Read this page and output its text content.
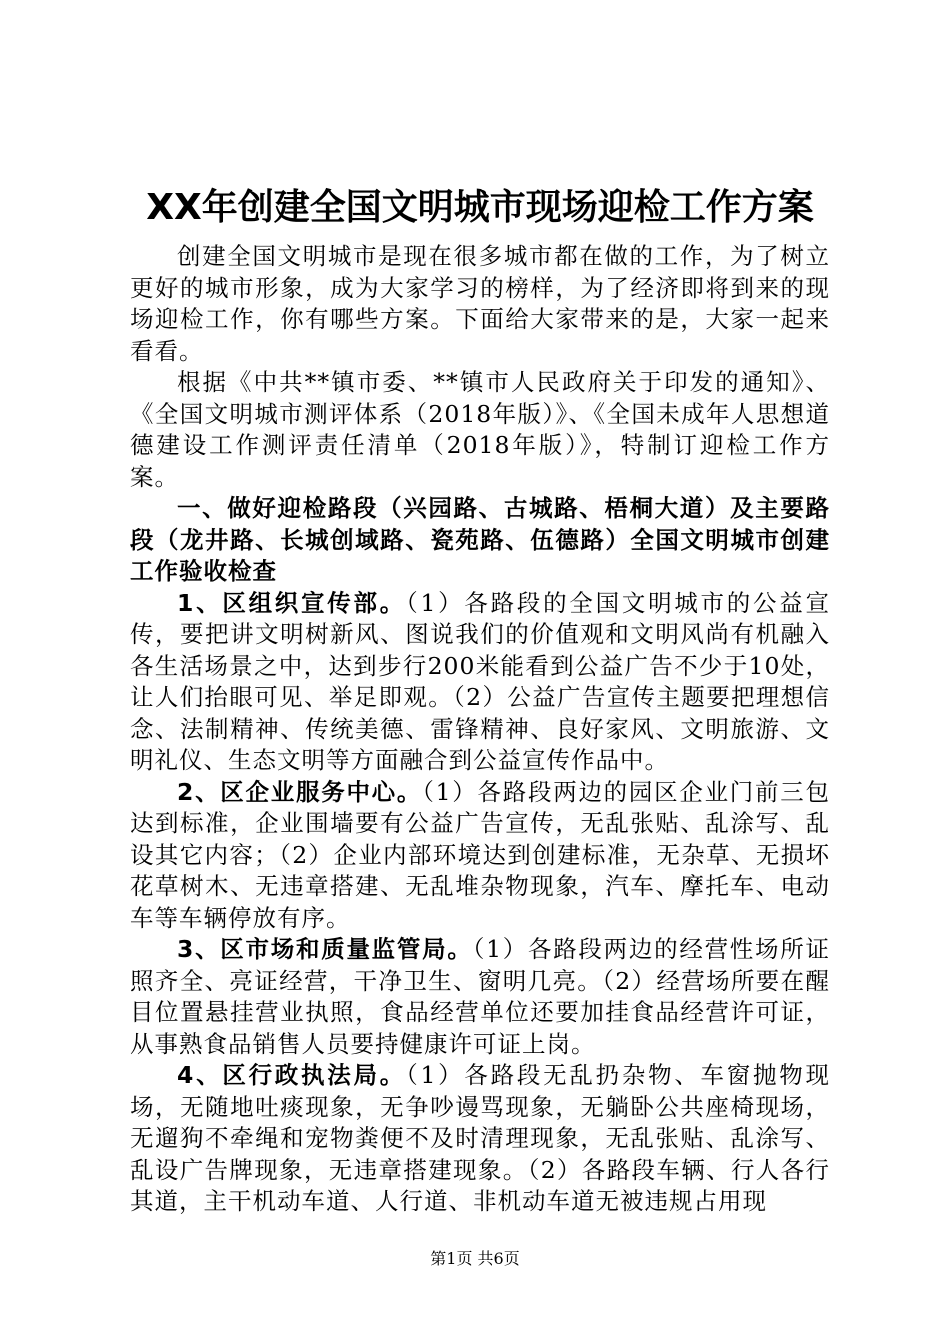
XX年创建全国文明城市现场迎检工作方案

创建全国文明城市是现在很多城市都在做的工作，为了树立更好的城市形象，成为大家学习的榜样，为了经济即将到来的现场迎检工作，你有哪些方案。下面给大家带来的是，大家一起来看看。

根据《中共**镇市委、**镇市人民政府关于印发的通知》、《全国文明城市测评体系（2018年版）》、《全国未成年人思想道德建设工作测评责任清单（2018年版）》，特制订迎检工作方案。

一、做好迎检路段（兴园路、古城路、梧桐大道）及主要路段（龙井路、长城创域路、瓷苑路、伍德路）全国文明城市创建工作验收检查

1、区组织宣传部。（1）各路段的全国文明城市的公益宣传，要把讲文明树新风、图说我们的价值观和文明风尚有机融入各生活场景之中，达到步行200米能看到公益广告不少于10处，让人们抬眼可见、举足即观。（2）公益广告宣传主题要把理想信念、法制精神、传统美德、雷锋精神、良好家风、文明旅游、文明礼仪、生态文明等方面融合到公益宣传作品中。

2、区企业服务中心。（1）各路段两边的园区企业门前三包达到标准，企业围墙要有公益广告宣传，无乱张贴、乱涂写、乱设其它内容；（2）企业内部环境达到创建标准，无杂草、无损坏花草树木、无违章搭建、无乱堆杂物现象，汽车、摩托车、电动车等车辆停放有序。

3、区市场和质量监管局。（1）各路段两边的经营性场所证照齐全、亮证经营，干净卫生、窗明几亮。（2）经营场所要在醒目位置悬挂营业执照，食品经营单位还要加挂食品经营许可证，从事熟食品销售人员要持健康许可证上岗。

4、区行政执法局。（1）各路段无乱扔杂物、车窗抛物现场，无随地吐痰现象，无争吵谩骂现象，无躺卧公共座椅现场，无遛狗不牵绳和宠物粪便不及时清理现象，无乱张贴、乱涂写、乱设广告牌现象，无违章搭建现象。（2）各路段车辆、行人各行其道，主干机动车道、人行道、非机动车道无被违规占用现

第1页 共6页
